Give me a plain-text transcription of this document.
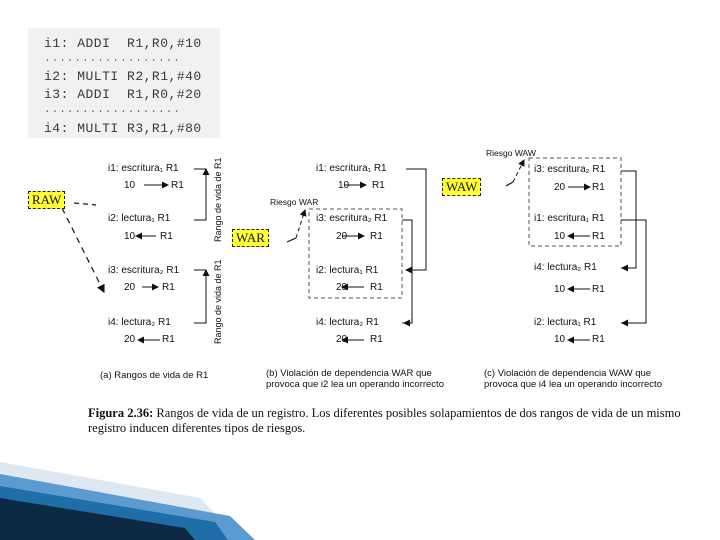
i1: ADDI  R1,R0,#10
..................
i2: MULTI R2,R1,#40
i3: ADDI  R1,R0,#20
..................
i4: MULTI R3,R1,#80
RAW
WAR
WAW
i1: escritura₁ R1
10	R1
i2: lectura₁ R1
10 R1
i3: escritura₂ R1
20	R1
i4: lectura₂ R1
20	R1
Rango de vida de R1
Rango de vida de R1
(a) Rangos de vida de R1
Riesgo WAR
i1: escritura₁ R1
10 R1
i3: escritura₂ R1
20 R1
i2: lectura₁ R1
20 R1
i4: lectura₂ R1
20 R1
(b) Violación de dependencia WAR que
provoca que i2 lea un operando incorrecto
Riesgo WAW
i3: escritura₂ R1
20	R1
i1: escritura₁ R1
10	R1
i4: lectura₂ R1
10	R1
i2: lectura₁ R1
10	R1
(c) Violación de dependencia WAW que
provoca que i4 lea un operando incorrecto
Figura 2.36: Rangos de vida de un registro. Los diferentes posibles solapamientos de dos rangos de vida de un mismo registro inducen diferentes tipos de riesgos.
